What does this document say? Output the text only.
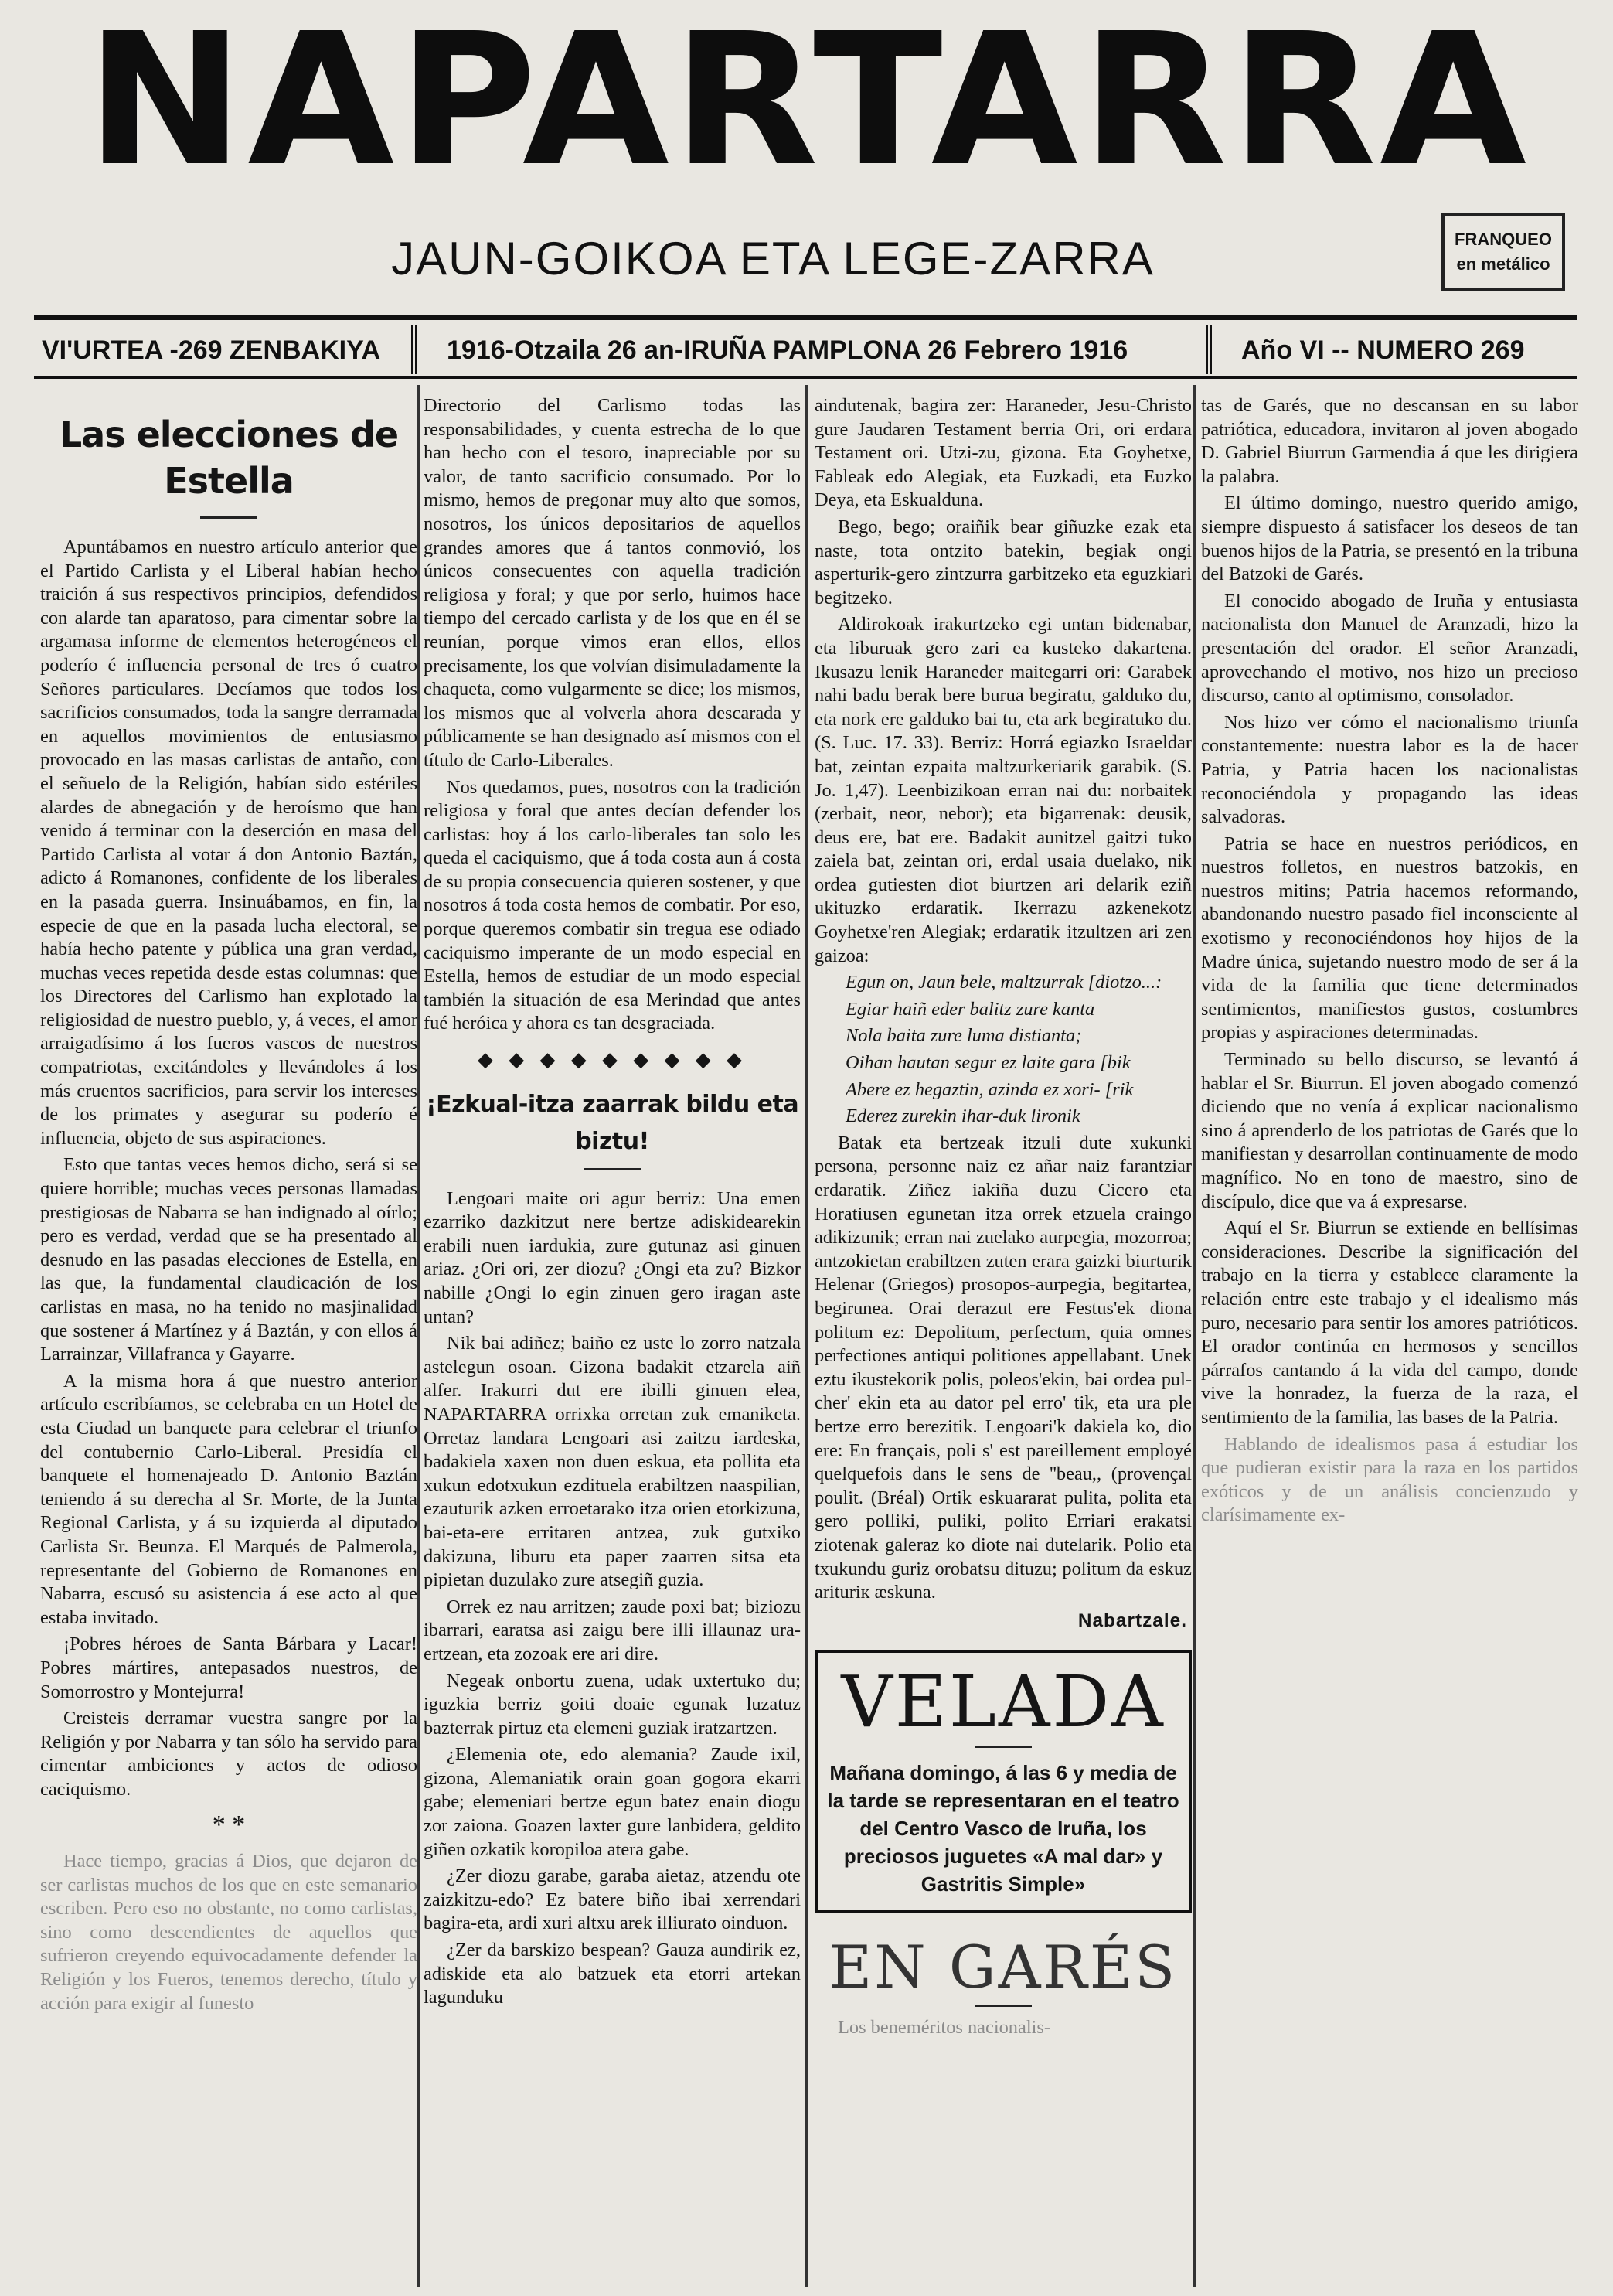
NAPARTARRA
JAUN-GOIKOA ETA LEGE-ZARRA	FRANQUEO
en metálico
VI'URTEA -269 ZENBAKIYA	1916-Otzaila 26 an-IRUÑA PAMPLONA 26 Febrero 1916	Año VI -- NUMERO 269
Las elecciones de Estella

Apuntábamos en nuestro artículo anterior que el Partido Carlista y el Liberal habían hecho traición á sus respectivos principios, defendidos con alarde tan aparatoso, para cimentar sobre la argamasa informe de elementos heterogéneos el poderío é influencia personal de tres ó cuatro Señores particulares. Decíamos que todos los sacrificios consumados, toda la sangre derramada en aquellos movimientos de entusiasmo provocado en las masas carlistas de antaño, con el señuelo de la Religión, habían sido estériles alardes de abnegación y de heroísmo que han venido á terminar con la deserción en masa del Partido Carlista al votar á don Antonio Baztán, adicto á Romanones, confidente de los liberales en la pasada guerra. Insinuábamos, en fin, la especie de que en la pasada lucha electoral, se había hecho patente y pública una gran verdad, muchas veces repetida desde estas columnas: que los Directores del Carlismo han explotado la religiosidad de nuestro pueblo, y, á veces, el amor arraigadísimo á los fueros vascos de nuestros compatriotas, excitándoles y llevándoles á los más cruentos sacrificios, para servir los intereses de los primates y asegurar su poderío é influencia, objeto de sus aspiraciones.

Esto que tantas veces hemos dicho, será si se quiere horrible; muchas veces personas llamadas prestigiosas de Nabarra se han indignado al oírlo; pero es verdad, verdad que se ha presentado al desnudo en las pasadas elecciones de Estella, en las que, la fundamental claudicación de los carlistas en masa, no ha tenido no masjinalidad que sostener á Martínez y á Baztán, y con ellos á Larrainzar, Villafranca y Gayarre.

A la misma hora á que nuestro anterior artículo escribíamos, se celebraba en un Hotel de esta Ciudad un banquete para celebrar el triunfo del contubernio Carlo-Liberal. Presidía el banquete el homenajeado D. Antonio Baztán teniendo á su derecha al Sr. Morte, de la Junta Regional Carlista, y á su izquierda al diputado Carlista Sr. Beunza. El Marqués de Palmerola, representante del Gobierno de Romanones en Nabarra, escusó su asistencia á ese acto al que estaba invitado.

¡Pobres héroes de Santa Bárbara y Lacar! Pobres mártires, antepasados nuestros, de Somorrostro y Montejurra!

Creisteis derramar vuestra sangre por la Religión y por Nabarra y tan sólo ha servido para cimentar ambiciones y actos de odioso caciquismo.

* *

Hace tiempo, gracias á Dios, que dejaron de ser carlistas muchos de los que en este semanario escriben. Pero eso no obstante, no como carlistas, sino como descendientes de aquellos que sufrieron creyendo equivocadamente defender la Religión y los Fueros, tenemos derecho, título y acción para exigir al funesto

Directorio del Carlismo todas las responsabilidades, y cuenta estrecha de lo que han hecho con el tesoro, inapreciable por su valor, de tanto sacrificio consumado. Por lo mismo, hemos de pregonar muy alto que somos, nosotros, los únicos depositarios de aquellos grandes amores que á tantos conmovió, los únicos consecuentes con aquella tradición religiosa y foral; y que por serlo, huimos hace tiempo del cercado carlista y de los que en él se reunían, porque vimos eran ellos, ellos precisamente, los que volvían disimuladamente la chaqueta, como vulgarmente se dice; los mismos, los mismos que al volverla ahora descarada y públicamente se han designado así mismos con el título de Carlo-Liberales.

Nos quedamos, pues, nosotros con la tradición religiosa y foral que antes decían defender los carlistas: hoy á los carlo-liberales tan solo les queda el caciquismo, que á toda costa aun á costa de su propia consecuencia quieren sostener, y que nosotros á toda costa hemos de combatir. Por eso, porque queremos combatir sin tregua ese odiado caciquismo imperante de un modo especial en Estella, hemos de estudiar de un modo especial también la situación de esa Merindad que antes fué heróica y ahora es tan desgraciada.

◆ ◆ ◆ ◆ ◆ ◆ ◆ ◆ ◆
¡Ezkual-itza zaarrak bildu eta biztu!

Lengoari maite ori agur berriz: Una emen ezarriko dazkitzut nere bertze adiskidearekin erabili nuen iardukia, zure gutunaz asi ginuen ariaz. ¿Ori ori, zer diozu? ¿Ongi eta zu? Bizkor nabille ¿Ongi lo egin zinuen gero iragan aste untan?

Nik bai adiñez; baiño ez uste lo zorro natzala astelegun osoan. Gizona badakit etzarela aiñ alfer. Irakurri dut ere ibilli ginuen elea, NAPARTARRA orrixka orretan zuk emaniketa. Orretaz landara Lengoari asi zaitzu iardeska, badakiela xaxen non duen eskua, eta pollita eta xukun edotxukun ezdituela erabiltzen naaspilian, ezauturik azken erroetarako itza orien etorkizuna, bai-eta-ere erritaren antzea, zuk gutxiko dakizuna, liburu eta paper zaarren sitsa eta pipietan duzulako zure atsegiñ guzia.

Orrek ez nau arritzen; zaude poxi bat; biziozu ibarrari, earatsa asi zaigu bere illi illaunaz ura-ertzean, eta zozoak ere ari dire.

Negeak onbortu zuena, udak uxtertuko du; iguzkia berriz goiti doaie egunak luzatuz bazterrak pirtuz eta elemeni guziak iratzartzen.

¿Elemenia ote, edo alemania? Zaude ixil, gizona, Alemaniatik orain goan gogora ekarri gabe; elemeniari bertze egun batez enain diogu zor zaiona. Goazen laxter gure lanbidera, geldito giñen ozkatik koropiloa atera gabe.

¿Zer diozu garabe, garaba aietaz, atzendu ote zaizkitzu-edo? Ez batere biño ibai xerrendari bagira-eta, ardi xuri altxu arek illiurato oinduon.

¿Zer da barskizo bespean? Gauza aundirik ez, adiskide eta alo batzuek eta etorri artekan lagunduku

aindutenak, bagira zer: Haraneder, Jesu-Christo gure Jaudaren Testament berria Ori, ori erdara Testament ori. Utzi-zu, gizona. Eta Goyhetxe, Fableak edo Alegiak, eta Euzkadi, eta Euzko Deya, eta Eskualduna.

Bego, bego; oraiñik bear giñuzke ezak eta naste, tota ontzito batekin, begiak ongi asperturik-gero zintzurra garbitzeko eta eguzkiari begitzeko.

Aldirokoak irakurtzeko egi untan bidenabar, eta liburuak gero zari ea kusteko dakartena. Ikusazu lenik Haraneder maitegarri ori: Garabek nahi badu berak bere burua begiratu, galduko du, eta nork ere galduko bai tu, eta ark begiratuko du. (S. Luc. 17. 33). Berriz: Horrá egiazko Israeldar bat, zeintan ezpaita maltzurkeriarik garabik. (S. Jo. 1,47). Leenbizikoan erran nai du: norbaitek (zerbait, neor, nebor); eta bigarrenak: deusik, deus ere, bat ere. Badakit aunitzel gaitzi tuko zaiela bat, zeintan ori, erdal usaia duelako, nik ordea gutiesten diot biurtzen ari delarik eziñ ukituzko erdaratik. Ikerrazu azkenekotz Goyhetxe'ren Alegiak; erdaratik itzultzen ari zen gaizoa:

Egun on, Jaun bele, maltzurrak [diotzo...:

Egiar haiñ eder balitz zure kanta

Nola baita zure luma distianta;

Oihan hautan segur ez laite gara [bik

Abere ez hegaztin, azinda ez xori- [rik

Ederez zurekin ihar-duk lironik

Batak eta bertzeak itzuli dute xukunki persona, personne naiz ez añar naiz farantziar erdaratik. Ziñez iakiña duzu Cicero eta Horatiusen egunetan itza orrek etzuela craingo adikizunik; erran nai zuelako aurpegia, mozorroa; antzokietan erabiltzen zuten erara gaizki biurturik Helenar (Griegos) prosopos-aurpegia, begitartea, begirunea. Orai derazut ere Festus'ek diona politum ez: Depolitum, perfectum, quia omnes perfectiones antiqui politiones appellabant. Unek eztu ikustekorik polis, poleos'ekin, bai ordea pul-cher' ekin eta au dator pel erro' tik, eta ura ple bertze erro berezitik. Lengoari'k dakiela ko, dio ere: En français, poli s' est pareillement employé quelquefois dans le sens de ''beau,, (provençal poulit. (Bréal) Ortik eskuararat pulita, polita eta gero polliki, puliki, polito Erriari erakatsi ziotenak galeraz ko diote nai dutelarik. Polio eta txukundu guriz orobatsu dituzu; politum da eskuz arituriк æskuna.

Nabartzale.

VELADA
Mañana domingo, á las 6 y media de la tarde se representaran en el teatro del Centro Vasco de Iruña, los preciosos juguetes «A mal dar» y Gastritis Simple»
EN GARÉS

Los beneméritos nacionalis-

tas de Garés, que no descansan en su labor patriótica, educadora, invitaron al joven abogado D. Gabriel Biurrun Garmendia á que les dirigiera la palabra.

El último domingo, nuestro querido amigo, siempre dispuesto á satisfacer los deseos de tan buenos hijos de la Patria, se presentó en la tribuna del Batzoki de Garés.

El conocido abogado de Iruña y entusiasta nacionalista don Manuel de Aranzadi, hizo la presentación del orador. El señor Aranzadi, aprovechando el motivo, nos hizo un precioso discurso, canto al optimismo, consolador.

Nos hizo ver cómo el nacionalismo triunfa constantemente: nuestra labor es la de hacer Patria, y Patria hacen los nacionalistas reconociéndola y propagando las ideas salvadoras.

Patria se hace en nuestros periódicos, en nuestros folletos, en nuestros batzokis, en nuestros mitins; Patria hacemos reformando, abandonando nuestro pasado fiel inconsciente al exotismo y reconociéndonos hoy hijos de la Madre única, sujetando nuestro modo de ser á la vida de la familia que tiene determinados sentimientos, manifiestos gustos, costumbres propias y aspiraciones determinadas.

Terminado su bello discurso, se levantó á hablar el Sr. Biurrun. El joven abogado comenzó diciendo que no venía á explicar nacionalismo sino á aprenderlo de los patriotas de Garés que lo manifiestan y desarrollan continuamente de modo magnífico. No en tono de maestro, sino de discípulo, dice que va á expresarse.

Aquí el Sr. Biurrun se extiende en bellísimas consideraciones. Describe la significación del trabajo en la tierra y establece claramente la relación entre este trabajo y el idealismo más puro, necesario para sentir los amores patrióticos. El orador continúa en hermosos y sencillos párrafos cantando á la vida del campo, donde vive la honradez, la fuerza de la raza, el sentimiento de la familia, las bases de la Patria.

Hablando de idealismos pasa á estudiar los que pudieran existir para la raza en los partidos exóticos y de un análisis concienzudo y clarísimamente ex-
